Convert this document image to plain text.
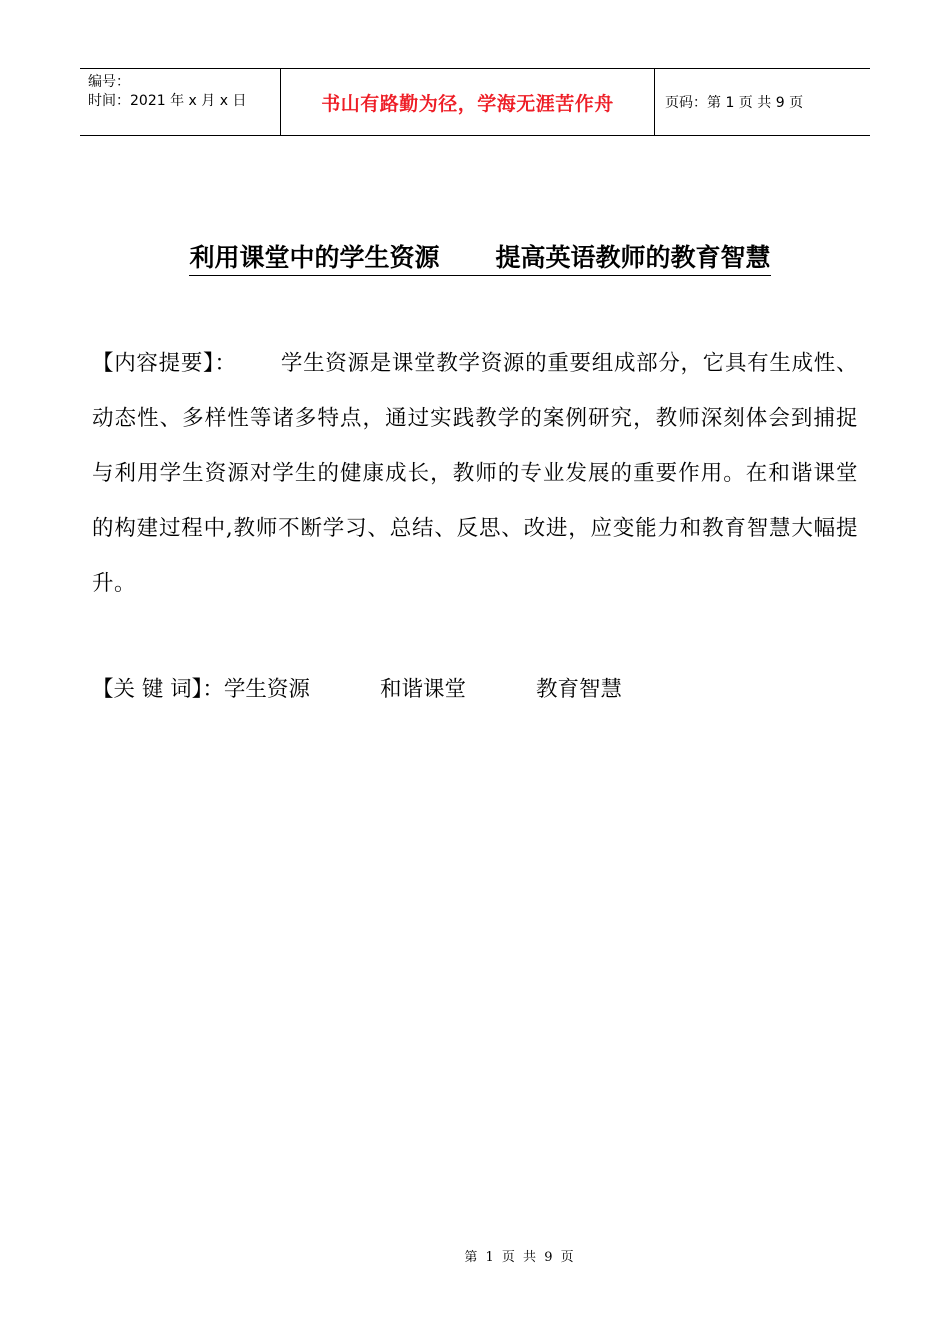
编号：
时间：2021 年 x 月 x 日	书山有路勤为径，学海无涯苦作舟	页码：第 1 页 共 9 页
利用课堂中的学生资源 提高英语教师的教育智慧
【内容提要】： 学生资源是课堂教学资源的重要组成部分，它具有生成性、动态性、多样性等诸多特点，通过实践教学的案例研究，教师深刻体会到捕捉与利用学生资源对学生的健康成长，教师的专业发展的重要作用。在和谐课堂的构建过程中,教师不断学习、总结、反思、改进，应变能力和教育智慧大幅提升。
【关 键 词】：学生资源	和谐课堂	教育智慧
第 1 页 共 9 页
